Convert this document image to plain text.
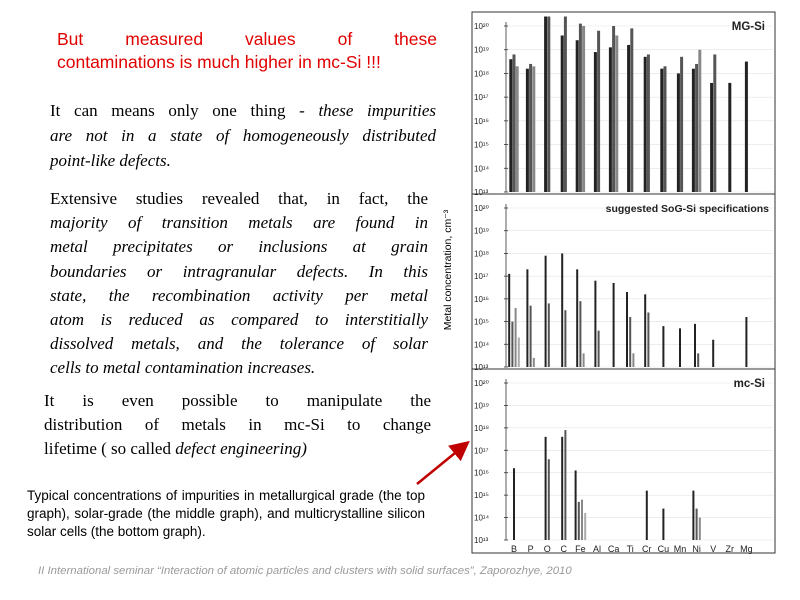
But measured values of these
contaminations is much higher in mc-Si !!!
It can means only one thing - these impurities
are not in a state of homogeneously distributed
point-like defects.
Extensive studies revealed that, in fact, the
majority of transition metals are found in
metal precipitates or inclusions at grain
boundaries or intragranular defects. In this
state, the recombination activity per metal
atom is reduced as compared to interstitially
dissolved metals, and the tolerance of solar
cells to metal contamination increases.
It is even possible to manipulate the
distribution of metals in mc-Si to change
lifetime ( so called defect engineering)
Typical concentrations of impurities in metallurgical grade (the top graph), solar-grade (the middle graph), and multicrystalline silicon solar cells (the bottom graph).
10¹³
10¹⁴
10¹⁵
10¹⁶
10¹⁷
10¹⁸
10¹⁹
10²⁰	MG-Si
10¹³
10¹⁴
10¹⁵
10¹⁶
10¹⁷
10¹⁸
10¹⁹
10²⁰	suggested SoG-Si specifications
10¹³
10¹⁴
10¹⁵
10¹⁶
10¹⁷
10¹⁸
10¹⁹
10²⁰	mc-Si
B P O C Fe Al Ca Ti Cr Cu Mn Ni V Zr Mg
Metal concentration, cm⁻³
II International seminar “Interaction of atomic particles and clusters with solid surfaces”, Zaporozhye, 2010
